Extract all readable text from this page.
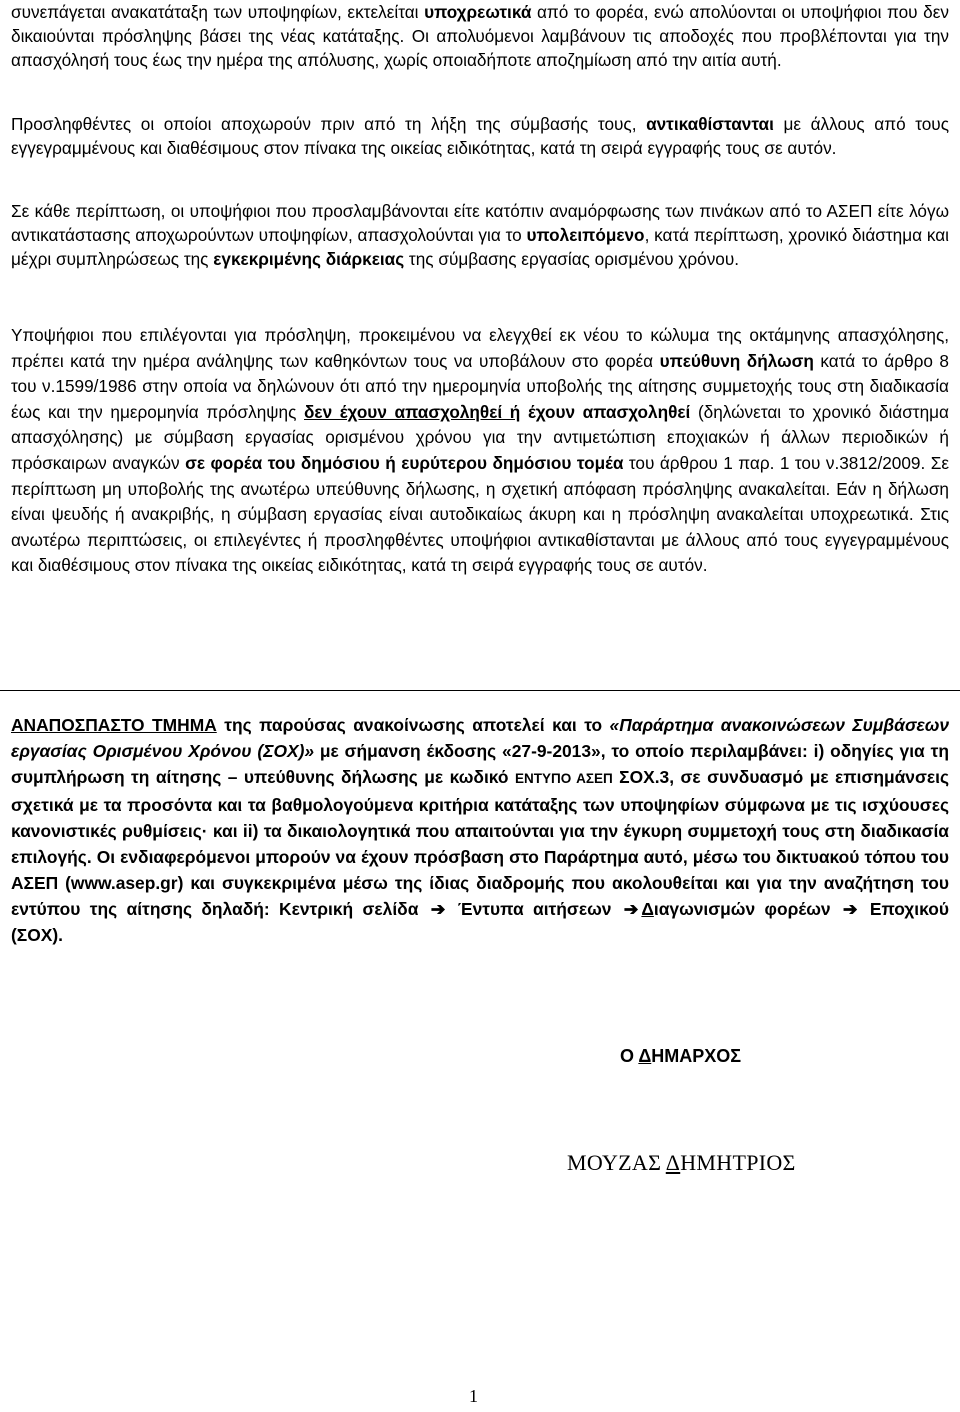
συνεπάγεται ανακατάταξη των υποψηφίων, εκτελείται υποχρεωτικά από το φορέα, ενώ απολύονται οι υποψήφιοι που δεν δικαιούνται πρόσληψης βάσει της νέας κατάταξης. Οι απολυόμενοι λαμβάνουν τις αποδοχές που προβλέπονται για την απασχόλησή τους έως την ημέρα της απόλυσης, χωρίς οποιαδήποτε αποζημίωση από την αιτία αυτή.

Προσληφθέντες οι οποίοι αποχωρούν πριν από τη λήξη της σύμβασής τους, αντικαθίστανται με άλλους από τους εγγεγραμμένους και διαθέσιμους στον πίνακα της οικείας ειδικότητας, κατά τη σειρά εγγραφής τους σε αυτόν.

Σε κάθε περίπτωση, οι υποψήφιοι που προσλαμβάνονται είτε κατόπιν αναμόρφωσης των πινάκων από το ΑΣΕΠ είτε λόγω αντικατάστασης αποχωρούντων υποψηφίων, απασχολούνται για το υπολειπόμενο, κατά περίπτωση, χρονικό διάστημα και μέχρι συμπληρώσεως της εγκεκριμένης διάρκειας της σύμβασης εργασίας ορισμένου χρόνου.

Υποψήφιοι που επιλέγονται για πρόσληψη, προκειμένου να ελεγχθεί εκ νέου το κώλυμα της οκτάμηνης απασχόλησης, πρέπει κατά την ημέρα ανάληψης των καθηκόντων τους να υποβάλουν στο φορέα υπεύθυνη δήλωση κατά το άρθρο 8 του ν.1599/1986 στην οποία να δηλώνουν ότι από την ημερομηνία υποβολής της αίτησης συμμετοχής τους στη διαδικασία έως και την ημερομηνία πρόσληψης δεν έχουν απασχοληθεί ή έχουν απασχοληθεί (δηλώνεται το χρονικό διάστημα απασχόλησης) με σύμβαση εργασίας ορισμένου χρόνου για την αντιμετώπιση εποχιακών ή άλλων περιοδικών ή πρόσκαιρων αναγκών σε φορέα του δημόσιου ή ευρύτερου δημόσιου τομέα του άρθρου 1 παρ. 1 του ν.3812/2009. Σε περίπτωση μη υποβολής της ανωτέρω υπεύθυνης δήλωσης, η σχετική απόφαση πρόσληψης ανακαλείται. Εάν η δήλωση είναι ψευδής ή ανακριβής, η σύμβαση εργασίας είναι αυτοδικαίως άκυρη και η πρόσληψη ανακαλείται υποχρεωτικά. Στις ανωτέρω περιπτώσεις, οι επιλεγέντες ή προσληφθέντες υποψήφιοι αντικαθίστανται με άλλους από τους εγγεγραμμένους και διαθέσιμους στον πίνακα της οικείας ειδικότητας, κατά τη σειρά εγγραφής τους σε αυτόν.

ΑΝΑΠΟΣΠΑΣΤΟ ΤΜΗΜΑ της παρούσας ανακοίνωσης αποτελεί και το «Παράρτημα ανακοινώσεων Συμβάσεων εργασίας Ορισμένου Χρόνου (ΣΟΧ)» με σήμανση έκδοσης «27-9-2013», το οποίο περιλαμβάνει: i) οδηγίες για τη συμπλήρωση τη αίτησης – υπεύθυνης δήλωσης με κωδικό ΕΝΤΥΠΟ ΑΣΕΠ ΣΟΧ.3, σε συνδυασμό με επισημάνσεις σχετικά με τα προσόντα και τα βαθμολογούμενα κριτήρια κατάταξης των υποψηφίων σύμφωνα με τις ισχύουσες κανονιστικές ρυθμίσεις· και ii) τα δικαιολογητικά που απαιτούνται για την έγκυρη συμμετοχή τους στη διαδικασία επιλογής. Οι ενδιαφερόμενοι μπορούν να έχουν πρόσβαση στο Παράρτημα αυτό, μέσω του δικτυακού τόπου του ΑΣΕΠ (www.asep.gr) και συγκεκριμένα μέσω της ίδιας διαδρομής που ακολουθείται και για την αναζήτηση του εντύπου της αίτησης δηλαδή: Κεντρική σελίδα ➔ Έντυπα αιτήσεων ➔ Διαγωνισμών φορέων ➔ Εποχικού (ΣΟΧ).

Ο ΔΗΜΑΡΧΟΣ
ΜΟΥΖΑΣ ΔΗΜΗΤΡΙΟΣ
1
